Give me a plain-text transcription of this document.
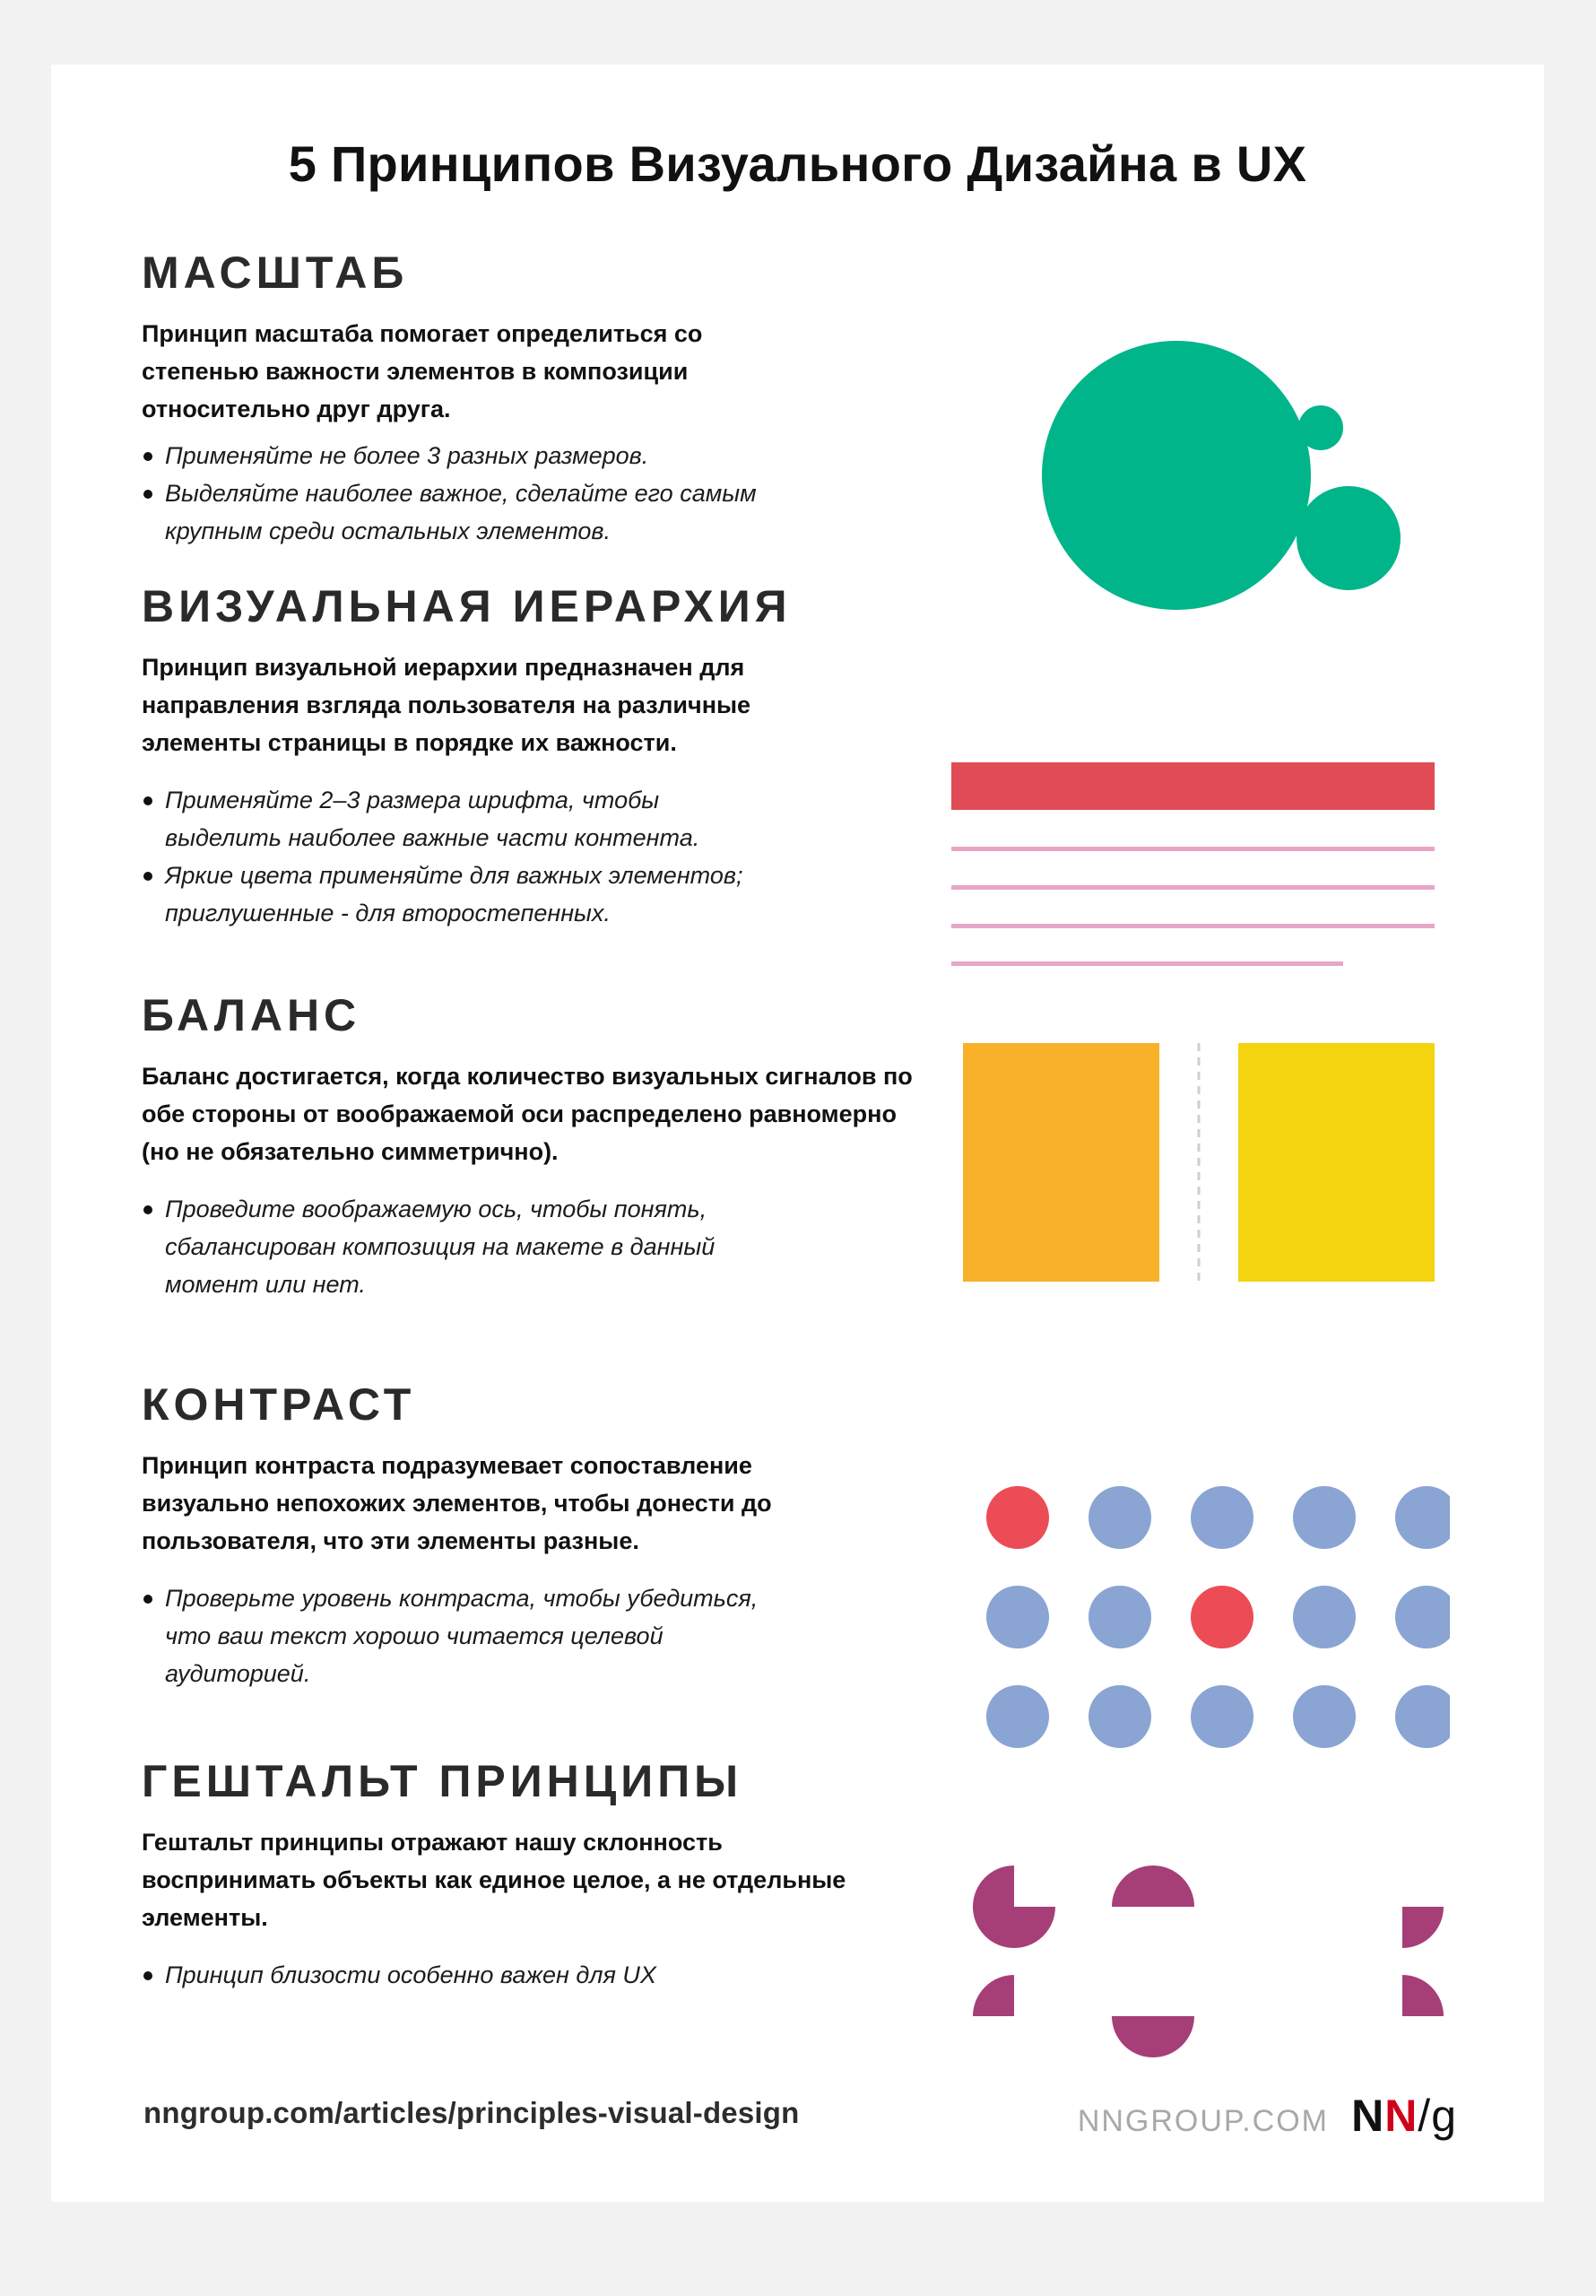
5 Принципов Визуального Дизайна в UX
МАСШТАБ
Принцип масштаба помогает определиться со степенью важности элементов в композиции относительно друг друга.
Применяйте не более 3 разных размеров.
Выделяйте наиболее важное, сделайте его самым крупным среди остальных элементов.
ВИЗУАЛЬНАЯ ИЕРАРХИЯ
Принцип визуальной иерархии предназначен для направления взгляда пользователя на различные элементы страницы в порядке их важности.
Применяйте 2–3 размера шрифта, чтобы выделить наиболее важные части контента.
Яркие цвета применяйте для важных элементов; приглушенные - для второстепенных.
БАЛАНС
Баланс достигается, когда количество визуальных сигналов по обе стороны от воображаемой оси распределено равномерно (но не обязательно симметрично).
Проведите воображаемую ось, чтобы понять, сбалансирован композиция на макете в данный момент или нет.
КОНТРАСТ
Принцип контраста подразумевает сопоставление визуально непохожих элементов, чтобы донести до пользователя, что эти элементы разные.
Проверьте уровень контраста, чтобы убедиться, что ваш текст хорошо читается целевой аудиторией.
ГЕШТАЛЬТ ПРИНЦИПЫ
Гештальт принципы отражают нашу склонность воспринимать объекты как единое целое, а не отдельные элементы.
Принцип близости особенно важен для UX
nngroup.com/articles/principles-visual-design	NNGROUP.COM NN/g
